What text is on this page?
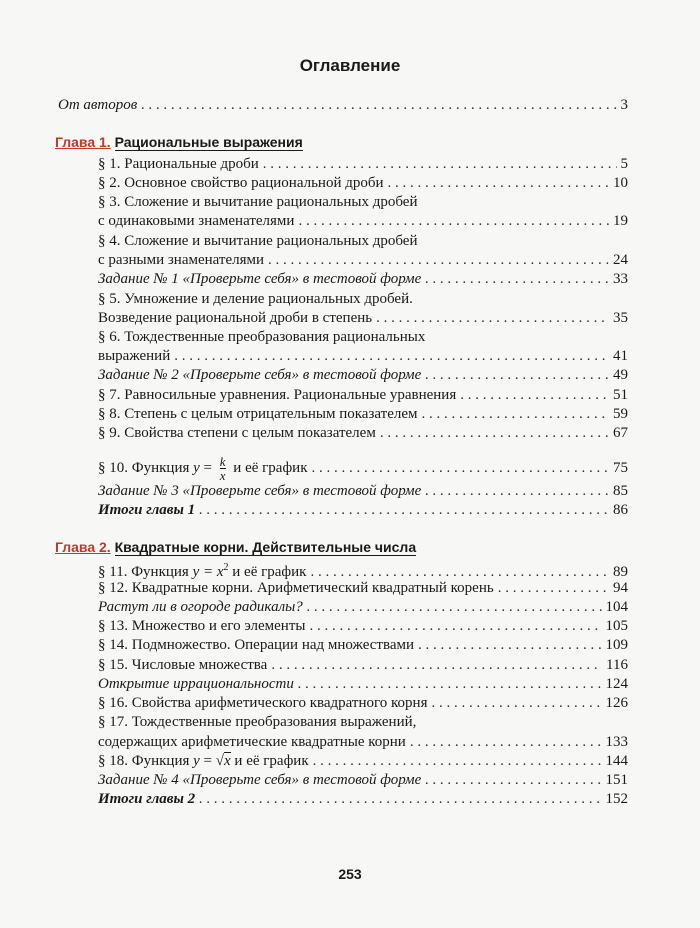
Оглавление
От авторов . . .	3
Глава 1. Рациональные выражения
§ 1. Рациональные дроби . . .	5
§ 2. Основное свойство рациональной дроби . . .	10
§ 3. Сложение и вычитание рациональных дробей
с одинаковыми знаменателями . . .	19
§ 4. Сложение и вычитание рациональных дробей
с разными знаменателями . . .	24
Задание № 1 «Проверьте себя» в тестовой форме . . .	33
§ 5. Умножение и деление рациональных дробей.
Возведение рациональной дроби в степень . . .	35
§ 6. Тождественные преобразования рациональных
выражений . . .	41
Задание № 2 «Проверьте себя» в тестовой форме . . .	49
§ 7. Равносильные уравнения. Рациональные уравнения . . .	51
§ 8. Степень с целым отрицательным показателем . . .	59
§ 9. Свойства степени с целым показателем . . .	67
§ 10. Функция $y = \frac{k}{x}$ и её график . . .	75
Задание № 3 «Проверьте себя» в тестовой форме . . .	85
Итоги главы 1 . . .	86
Глава 2. Квадратные корни. Действительные числа
§ 11. Функция $y = x^2$ и её график . . .	89
§ 12. Квадратные корни. Арифметический квадратный корень . . .	94
Растут ли в огороде радикалы? . . .	104
§ 13. Множество и его элементы . . .	105
§ 14. Подмножество. Операции над множествами . . .	109
§ 15. Числовые множества . . .	116
Открытие иррациональности . . .	124
§ 16. Свойства арифметического квадратного корня . . .	126
§ 17. Тождественные преобразования выражений,
содержащих арифметические квадратные корни . . .	133
§ 18. Функция y = √x и её график . . .	144
Задание № 4 «Проверьте себя» в тестовой форме . . .	151
Итоги главы 2 . . .	152
253
